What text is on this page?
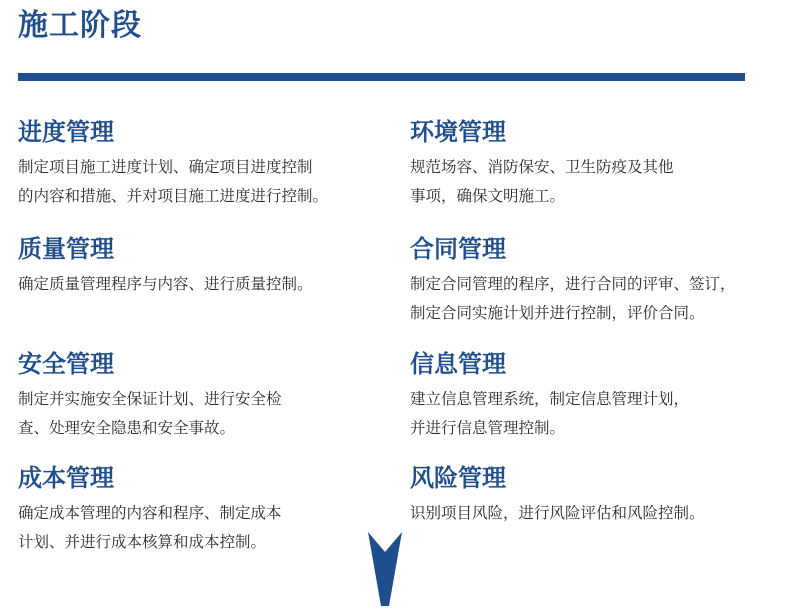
施工阶段
进度管理

制定项目施工进度计划、确定项目进度控制
的内容和措施、并对项目施工进度进行控制。

质量管理

确定质量管理程序与内容、进行质量控制。

安全管理

制定并实施安全保证计划、进行安全检
查、处理安全隐患和安全事故。

成本管理

确定成本管理的内容和程序、制定成本
计划、并进行成本核算和成本控制。

环境管理

规范场容、消防保安、卫生防疫及其他
事项，确保文明施工。

合同管理

制定合同管理的程序，进行合同的评审、签订，
制定合同实施计划并进行控制，评价合同。

信息管理

建立信息管理系统，制定信息管理计划，
并进行信息管理控制。

风险管理

识别项目风险，进行风险评估和风险控制。
